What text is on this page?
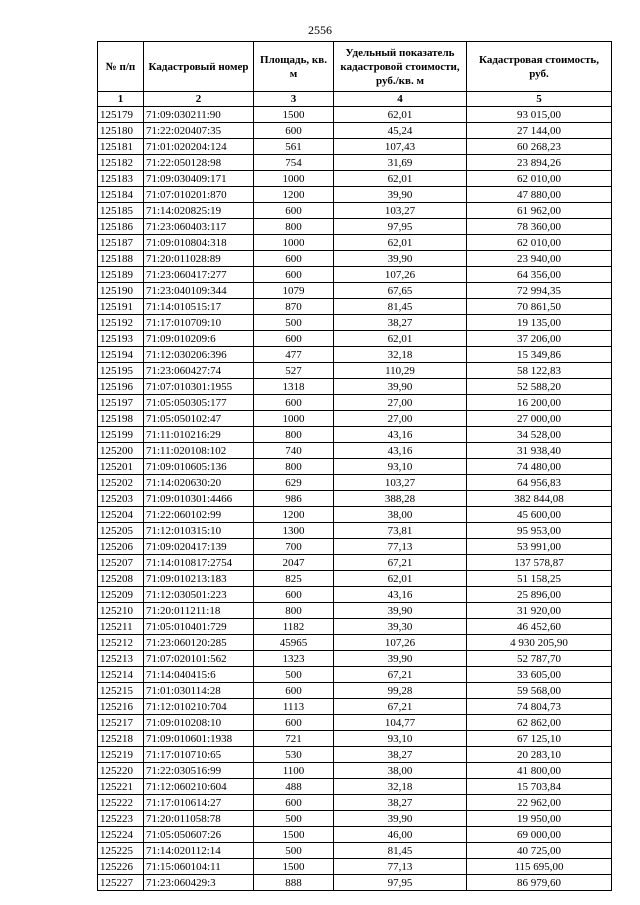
2556
№ п/п	Кадастровый номер	Площадь, кв. м	Удельный показатель кадастровой стоимости, руб./кв. м	Кадастровая стоимость, руб.
1	2	3	4	5
125179	71:09:030211:90	1500	62,01	93 015,00
125180	71:22:020407:35	600	45,24	27 144,00
125181	71:01:020204:124	561	107,43	60 268,23
125182	71:22:050128:98	754	31,69	23 894,26
125183	71:09:030409:171	1000	62,01	62 010,00
125184	71:07:010201:870	1200	39,90	47 880,00
125185	71:14:020825:19	600	103,27	61 962,00
125186	71:23:060403:117	800	97,95	78 360,00
125187	71:09:010804:318	1000	62,01	62 010,00
125188	71:20:011028:89	600	39,90	23 940,00
125189	71:23:060417:277	600	107,26	64 356,00
125190	71:23:040109:344	1079	67,65	72 994,35
125191	71:14:010515:17	870	81,45	70 861,50
125192	71:17:010709:10	500	38,27	19 135,00
125193	71:09:010209:6	600	62,01	37 206,00
125194	71:12:030206:396	477	32,18	15 349,86
125195	71:23:060427:74	527	110,29	58 122,83
125196	71:07:010301:1955	1318	39,90	52 588,20
125197	71:05:050305:177	600	27,00	16 200,00
125198	71:05:050102:47	1000	27,00	27 000,00
125199	71:11:010216:29	800	43,16	34 528,00
125200	71:11:020108:102	740	43,16	31 938,40
125201	71:09:010605:136	800	93,10	74 480,00
125202	71:14:020630:20	629	103,27	64 956,83
125203	71:09:010301:4466	986	388,28	382 844,08
125204	71:22:060102:99	1200	38,00	45 600,00
125205	71:12:010315:10	1300	73,81	95 953,00
125206	71:09:020417:139	700	77,13	53 991,00
125207	71:14:010817:2754	2047	67,21	137 578,87
125208	71:09:010213:183	825	62,01	51 158,25
125209	71:12:030501:223	600	43,16	25 896,00
125210	71:20:011211:18	800	39,90	31 920,00
125211	71:05:010401:729	1182	39,30	46 452,60
125212	71:23:060120:285	45965	107,26	4 930 205,90
125213	71:07:020101:562	1323	39,90	52 787,70
125214	71:14:040415:6	500	67,21	33 605,00
125215	71:01:030114:28	600	99,28	59 568,00
125216	71:12:010210:704	1113	67,21	74 804,73
125217	71:09:010208:10	600	104,77	62 862,00
125218	71:09:010601:1938	721	93,10	67 125,10
125219	71:17:010710:65	530	38,27	20 283,10
125220	71:22:030516:99	1100	38,00	41 800,00
125221	71:12:060210:604	488	32,18	15 703,84
125222	71:17:010614:27	600	38,27	22 962,00
125223	71:20:011058:78	500	39,90	19 950,00
125224	71:05:050607:26	1500	46,00	69 000,00
125225	71:14:020112:14	500	81,45	40 725,00
125226	71:15:060104:11	1500	77,13	115 695,00
125227	71:23:060429:3	888	97,95	86 979,60
